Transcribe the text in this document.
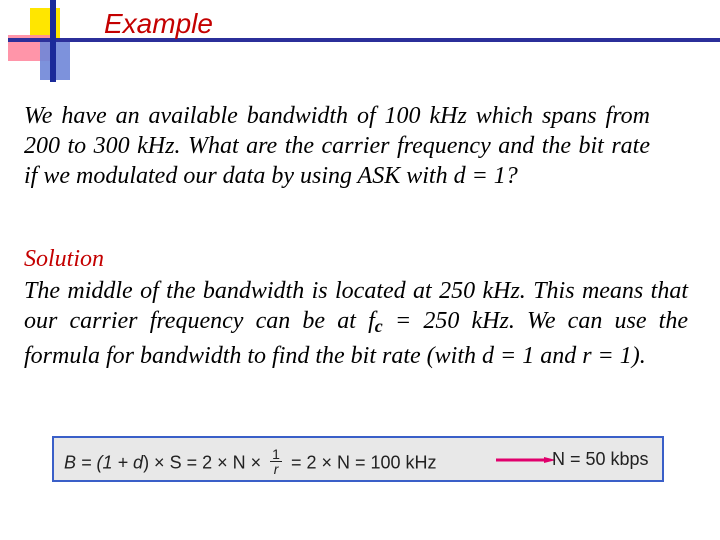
Example

We have an available bandwidth of 100 kHz which spans from 200 to 300 kHz. What are the carrier frequency and the bit rate if we modulated our data by using ASK with d = 1?

Solution

The middle of the bandwidth is located at 250 kHz. This means that our carrier frequency can be at $f_c = 250$ kHz. We can use the formula for bandwidth to find the bit rate (with d = 1 and r = 1).

$B = (1 + d) \times S = 2 \times N \times \frac{1}{r} = 2 \times N = 100$ kHz	N = 50 kbps
